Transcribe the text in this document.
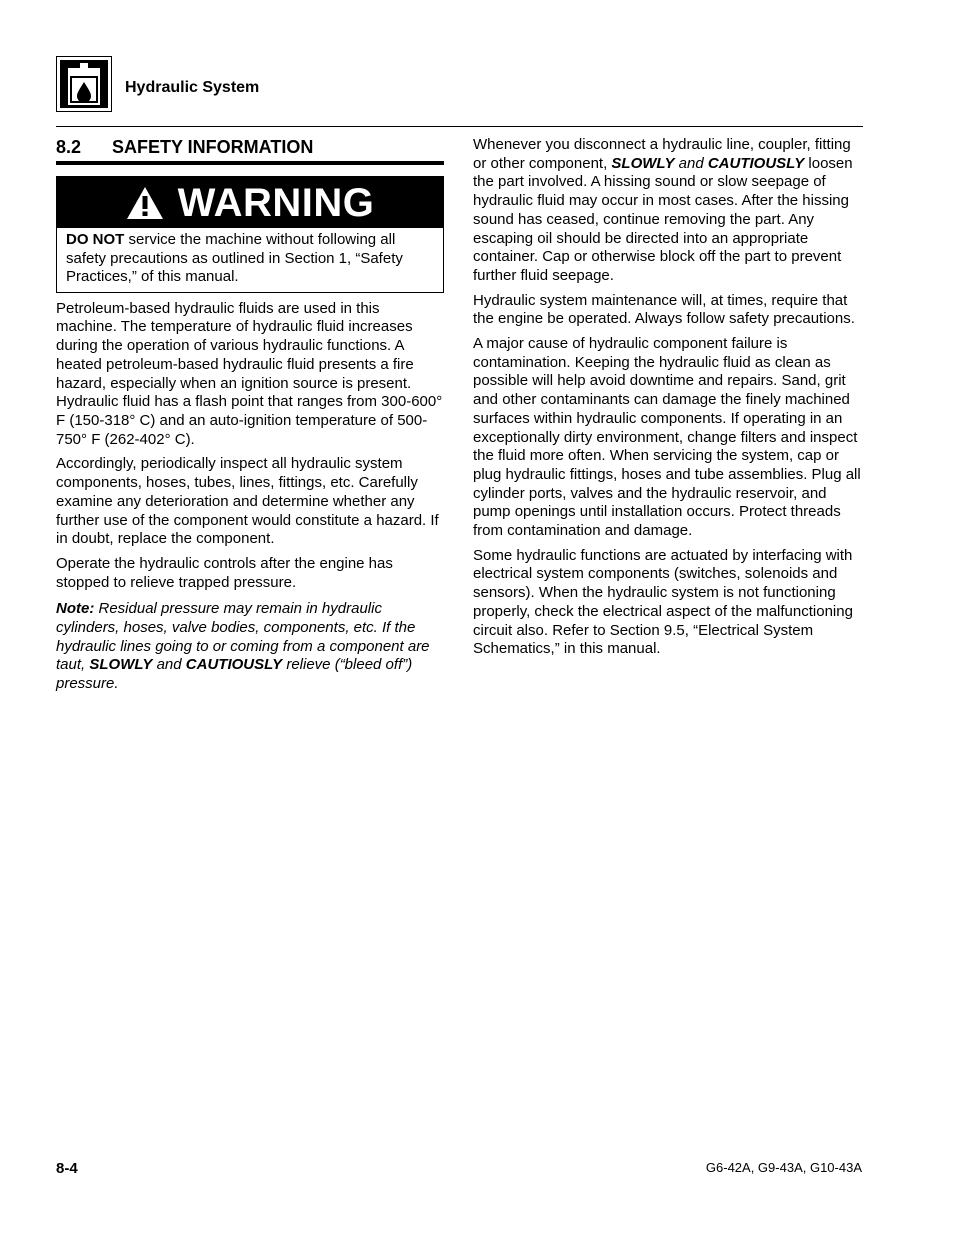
Hydraulic System
8.2	SAFETY INFORMATION
WARNING
DO NOT service the machine without following all safety precautions as outlined in Section 1, “Safety Practices,” of this manual.

Petroleum-based hydraulic fluids are used in this machine. The temperature of hydraulic fluid increases during the operation of various hydraulic functions. A heated petroleum-based hydraulic fluid presents a fire hazard, especially when an ignition source is present. Hydraulic fluid has a flash point that ranges from 300-600° F (150-318° C) and an auto-ignition temperature of 500-750° F (262-402° C).

Accordingly, periodically inspect all hydraulic system components, hoses, tubes, lines, fittings, etc. Carefully examine any deterioration and determine whether any further use of the component would constitute a hazard. If in doubt, replace the component.

Operate the hydraulic controls after the engine has stopped to relieve trapped pressure.

Note: Residual pressure may remain in hydraulic cylinders, hoses, valve bodies, components, etc. If the hydraulic lines going to or coming from a component are taut, SLOWLY and CAUTIOUSLY relieve (“bleed off”) pressure.

Whenever you disconnect a hydraulic line, coupler, fitting or other component, SLOWLY and CAUTIOUSLY loosen the part involved. A hissing sound or slow seepage of hydraulic fluid may occur in most cases. After the hissing sound has ceased, continue removing the part. Any escaping oil should be directed into an appropriate container. Cap or otherwise block off the part to prevent further fluid seepage.

Hydraulic system maintenance will, at times, require that the engine be operated. Always follow safety precautions.

A major cause of hydraulic component failure is contamination. Keeping the hydraulic fluid as clean as possible will help avoid downtime and repairs. Sand, grit and other contaminants can damage the finely machined surfaces within hydraulic components. If operating in an exceptionally dirty environment, change filters and inspect the fluid more often. When servicing the system, cap or plug hydraulic fittings, hoses and tube assemblies. Plug all cylinder ports, valves and the hydraulic reservoir, and pump openings until installation occurs. Protect threads from contamination and damage.

Some hydraulic functions are actuated by interfacing with electrical system components (switches, solenoids and sensors). When the hydraulic system is not functioning properly, check the electrical aspect of the malfunctioning circuit also. Refer to Section 9.5, “Electrical System Schematics,” in this manual.

8-4	G6-42A, G9-43A, G10-43A
